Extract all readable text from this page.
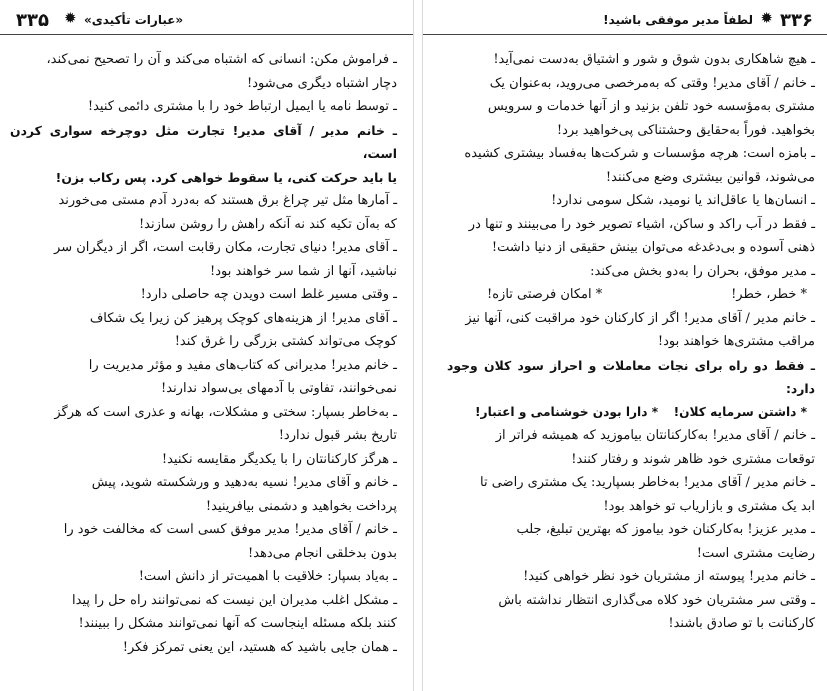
۳۳۵ ✹ «عبارات تأکیدی»

ـ فراموش مکن: انسانی که اشتباه می‌کند و آن را تصحیح نمی‌کند،

دچار اشتباه دیگری می‌شود!

ـ توسط نامه یا ایمیل ارتباط خود را با مشتری دائمی کنید!

ـ خانم مدیر / آقای مدیر! تجارت مثل دوچرخه سواری کردن است،

یا باید حرکت کنی، یا سقوط خواهی کرد. پس رکاب بزن!

ـ آمارها مثل تیر چراغ برق هستند که به‌درد آدم مستی می‌خورند

که به‌آن تکیه کند نه آنکه راهش را روشن سازند!

ـ آقای مدیر! دنیای تجارت، مکان رقابت است، اگر از دیگران سر

نباشید، آنها از شما سر خواهند بود!

ـ وقتی مسیر غلط است دویدن چه حاصلی دارد!

ـ آقای مدیر! از هزینه‌های کوچک پرهیز کن زیرا یک شکاف

کوچک می‌تواند کشتی بزرگی را غرق کند!

ـ خانم مدیر! مدیرانی که کتاب‌های مفید و مؤثر مدیریت را

نمی‌خوانند، تفاوتی با آدمهای بی‌سواد ندارند!

ـ به‌خاطر بسپار: سختی و مشکلات، بهانه و عذری است که هرگز

تاریخ بشر قبول ندارد!

ـ هرگز کارکنانتان را با یکدیگر مقایسه نکنید!

ـ خانم و آقای مدیر! نسیه به‌دهید و ورشکسته شوید، پیش

پرداخت بخواهید و دشمنی بیافرینید!

ـ خانم / آقای مدیر! مدیر موفق کسی است که مخالفت خود را

بدون بدخلقی انجام می‌دهد!

ـ به‌یاد بسپار: خلاقیت با اهمیت‌تر از دانش است!

ـ مشکل اغلب مدیران این نیست که نمی‌توانند راه حل را پیدا

کنند بلکه مسئله اینجاست که آنها نمی‌توانند مشکل را ببینند!

ـ همان جایی باشید که هستید، این یعنی تمرکز فکر!

۳۳۶
✹
لطفاً مدیر موفقی باشید!

ـ هیچ شاهکاری بدون شوق و شور و اشتیاق به‌دست نمی‌آید!

ـ خانم / آقای مدیر! وقتی که به‌مرخصی می‌روید، به‌عنوان یک

مشتری به‌مؤسسه خود تلفن بزنید و از آنها خدمات و سرویس

بخواهید. فوراً به‌حقایق وحشتناکی پی‌خواهید برد!

ـ بامزه است: هرچه مؤسسات و شرکت‌ها به‌فساد بیشتری کشیده

می‌شوند، قوانین بیشتری وضع می‌کنند!

ـ انسان‌ها یا عاقل‌اند یا نومید، شکل سومی ندارد!

ـ فقط در آب راکد و ساکن، اشیاء تصویر خود را می‌بینند و تنها در

ذهنی آسوده و بی‌دغدغه می‌توان بینش حقیقی از دنیا داشت!

ـ مدیر موفق، بحران را به‌دو بخش می‌کند:

* خطر، خطر!
* امکان فرصتی تازه!

ـ خانم مدیر / آقای مدیر! اگر از کارکنان خود مراقبت کنی، آنها نیز

مراقب مشتری‌ها خواهند بود!

ـ فقط دو راه برای نجات معاملات و احراز سود کلان وجود دارد:

* داشتن سرمایه کلان!
* دارا بودن خوشنامی و اعتبار!

ـ خانم / آقای مدیر! به‌کارکنانتان بیاموزید که همیشه فراتر از

توقعات مشتری خود ظاهر شوند و رفتار کنند!

ـ خانم مدیر / آقای مدیر! به‌خاطر بسپارید: یک مشتری راضی تا

ابد یک مشتری و بازاریاب تو خواهد بود!

ـ مدیر عزیز! به‌کارکنان خود بیاموز که بهترین تبلیغ، جلب

رضایت مشتری است!

ـ خانم مدیر! پیوسته از مشتریان خود نظر خواهی کنید!

ـ وقتی سر مشتریان خود کلاه می‌گذاری انتظار نداشته باش

کارکنانت با تو صادق باشند!
